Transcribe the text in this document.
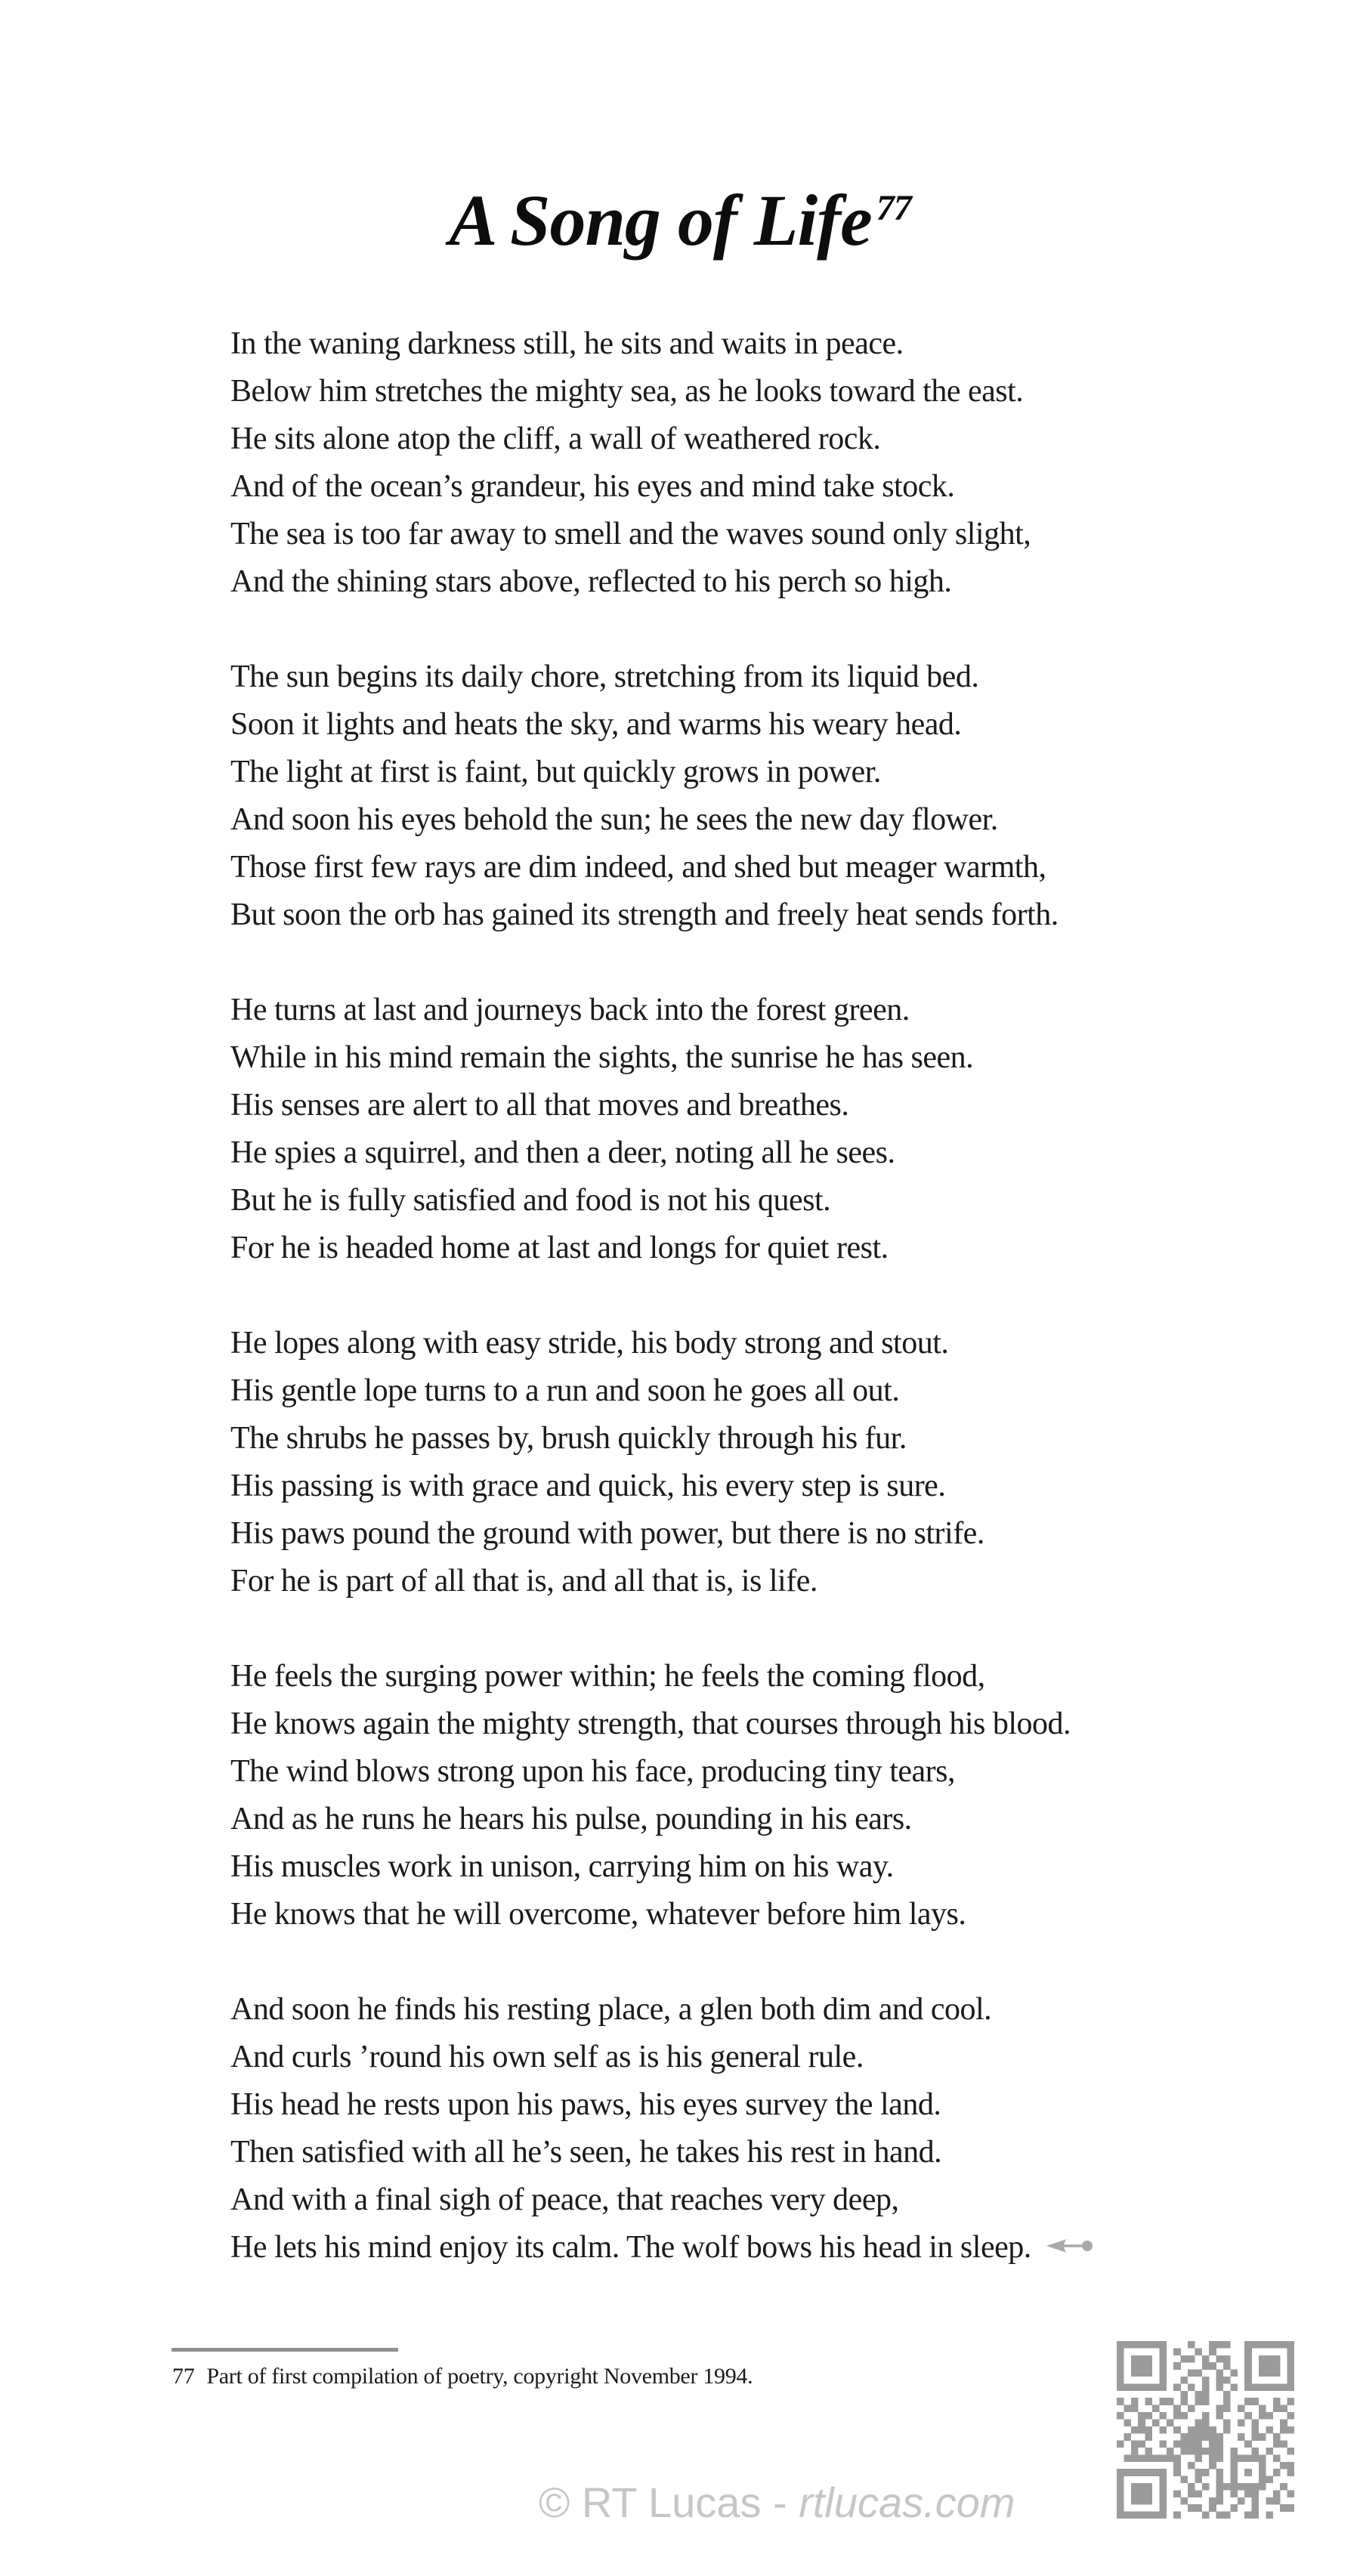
A Song of Life $^{77}$
In the waning darkness still, he sits and waits in peace.
Below him stretches the mighty sea, as he looks toward the east.
He sits alone atop the cliff, a wall of weathered rock.
And of the ocean’s grandeur, his eyes and mind take stock.
The sea is too far away to smell and the waves sound only slight,
And the shining stars above, reflected to his perch so high.
The sun begins its daily chore, stretching from its liquid bed.
Soon it lights and heats the sky, and warms his weary head.
The light at first is faint, but quickly grows in power.
And soon his eyes behold the sun; he sees the new day flower.
Those first few rays are dim indeed, and shed but meager warmth,
But soon the orb has gained its strength and freely heat sends forth.
He turns at last and journeys back into the forest green.
While in his mind remain the sights, the sunrise he has seen.
His senses are alert to all that moves and breathes.
He spies a squirrel, and then a deer, noting all he sees.
But he is fully satisfied and food is not his quest.
For he is headed home at last and longs for quiet rest.
He lopes along with easy stride, his body strong and stout.
His gentle lope turns to a run and soon he goes all out.
The shrubs he passes by, brush quickly through his fur.
His passing is with grace and quick, his every step is sure.
His paws pound the ground with power, but there is no strife.
For he is part of all that is, and all that is, is life.
He feels the surging power within; he feels the coming flood,
He knows again the mighty strength, that courses through his blood.
The wind blows strong upon his face, producing tiny tears,
And as he runs he hears his pulse, pounding in his ears.
His muscles work in unison, carrying him on his way.
He knows that he will overcome, whatever before him lays.
And soon he finds his resting place, a glen both dim and cool.
And curls ’round his own self as is his general rule.
His head he rests upon his paws, his eyes survey the land.
Then satisfied with all he’s seen, he takes his rest in hand.
And with a final sigh of peace, that reaches very deep,
He lets his mind enjoy its calm. The wolf bows his head in sleep.
77 Part of first compilation of poetry, copyright November 1994.
© RT Lucas - rtlucas.com
